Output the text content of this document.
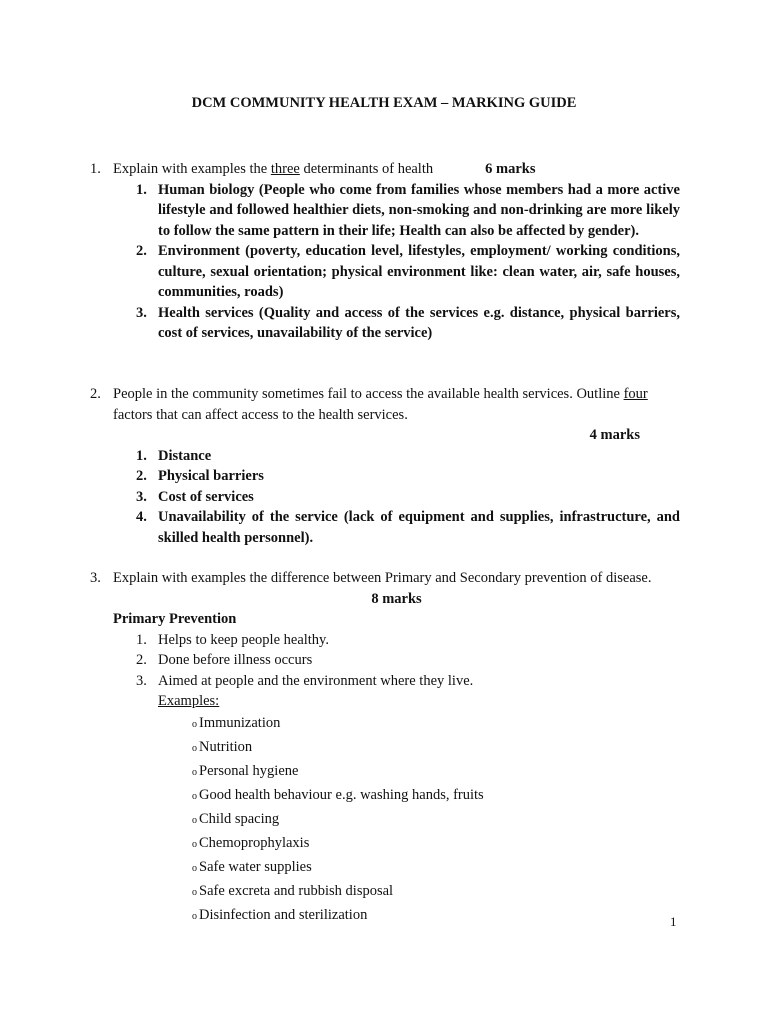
DCM COMMUNITY HEALTH EXAM – MARKING GUIDE
1. Explain with examples the three determinants of health	6 marks
1. Human biology (People who come from families whose members had a more active lifestyle and followed healthier diets, non-smoking and non-drinking are more likely to follow the same pattern in their life; Health can also be affected by gender).
2. Environment (poverty, education level, lifestyles, employment/ working conditions, culture, sexual orientation; physical environment like: clean water, air, safe houses, communities, roads)
3. Health services (Quality and access of the services e.g. distance, physical barriers, cost of services, unavailability of the service)
2. People in the community sometimes fail to access the available health services. Outline four factors that can affect access to the health services.
4 marks
1. Distance
2. Physical barriers
3. Cost of services
4. Unavailability of the service (lack of equipment and supplies, infrastructure, and skilled health personnel).
3. Explain with examples the difference between Primary and Secondary prevention of disease.
8 marks
Primary Prevention
1. Helps to keep people healthy.
2. Done before illness occurs
3. Aimed at people and the environment where they live.
Examples:
o Immunization
o Nutrition
o Personal hygiene
o Good health behaviour e.g. washing hands, fruits
o Child spacing
o Chemoprophylaxis
o Safe water supplies
o Safe excreta and rubbish disposal
o Disinfection and sterilization	1
